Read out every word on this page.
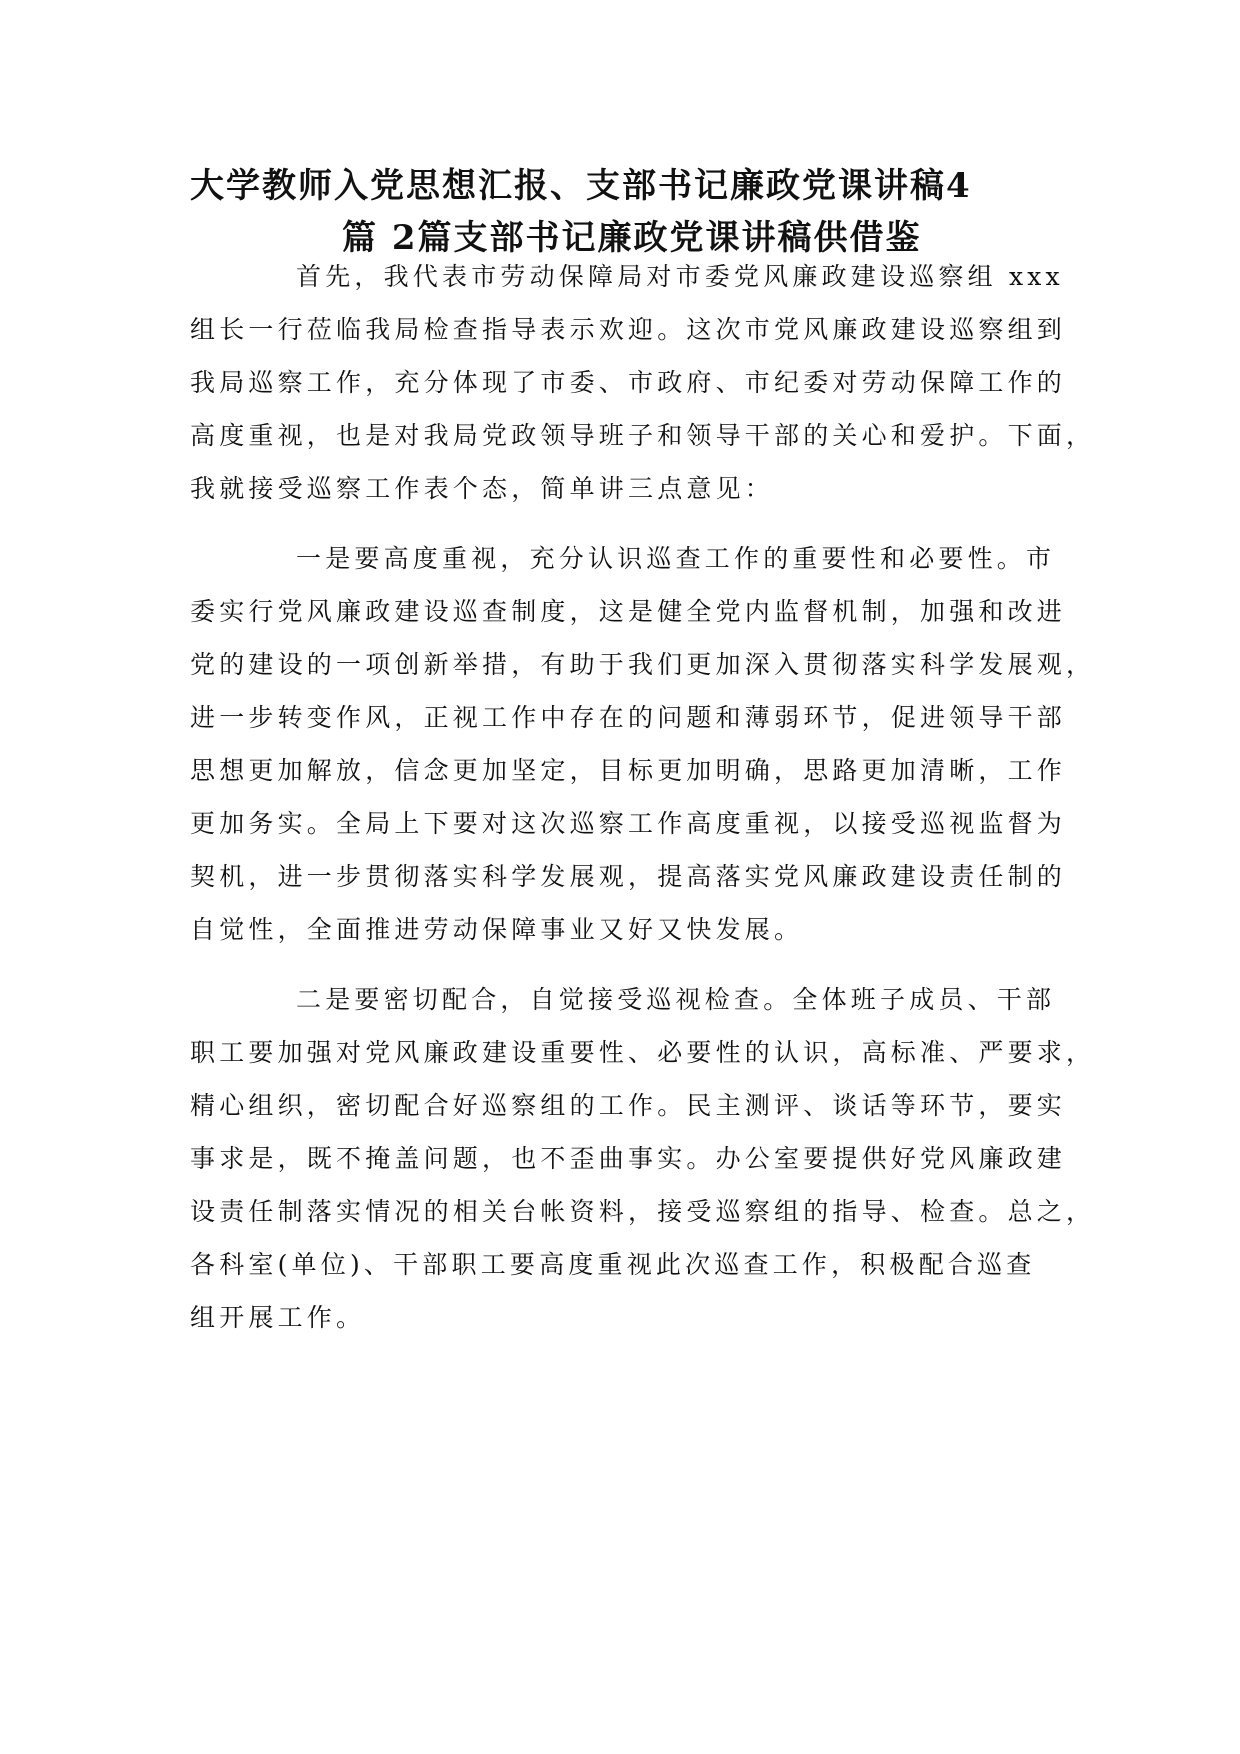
大学教师入党思想汇报、支部书记廉政党课讲稿4
篇 2篇支部书记廉政党课讲稿供借鉴

首先，我代表市劳动保障局对市委党风廉政建设巡察组 xxx
组长一行莅临我局检查指导表示欢迎。这次市党风廉政建设巡察组到
我局巡察工作，充分体现了市委、市政府、市纪委对劳动保障工作的
高度重视，也是对我局党政领导班子和领导干部的关心和爱护。下面，
我就接受巡察工作表个态，简单讲三点意见：

一是要高度重视，充分认识巡查工作的重要性和必要性。市
委实行党风廉政建设巡查制度，这是健全党内监督机制，加强和改进
党的建设的一项创新举措，有助于我们更加深入贯彻落实科学发展观，
进一步转变作风，正视工作中存在的问题和薄弱环节，促进领导干部
思想更加解放，信念更加坚定，目标更加明确，思路更加清晰，工作
更加务实。全局上下要对这次巡察工作高度重视，以接受巡视监督为
契机，进一步贯彻落实科学发展观，提高落实党风廉政建设责任制的
自觉性，全面推进劳动保障事业又好又快发展。

二是要密切配合，自觉接受巡视检查。全体班子成员、干部
职工要加强对党风廉政建设重要性、必要性的认识，高标准、严要求，
精心组织，密切配合好巡察组的工作。民主测评、谈话等环节，要实
事求是，既不掩盖问题，也不歪曲事实。办公室要提供好党风廉政建
设责任制落实情况的相关台帐资料，接受巡察组的指导、检查。总之，
各科室(单位)、干部职工要高度重视此次巡查工作，积极配合巡查
组开展工作。
